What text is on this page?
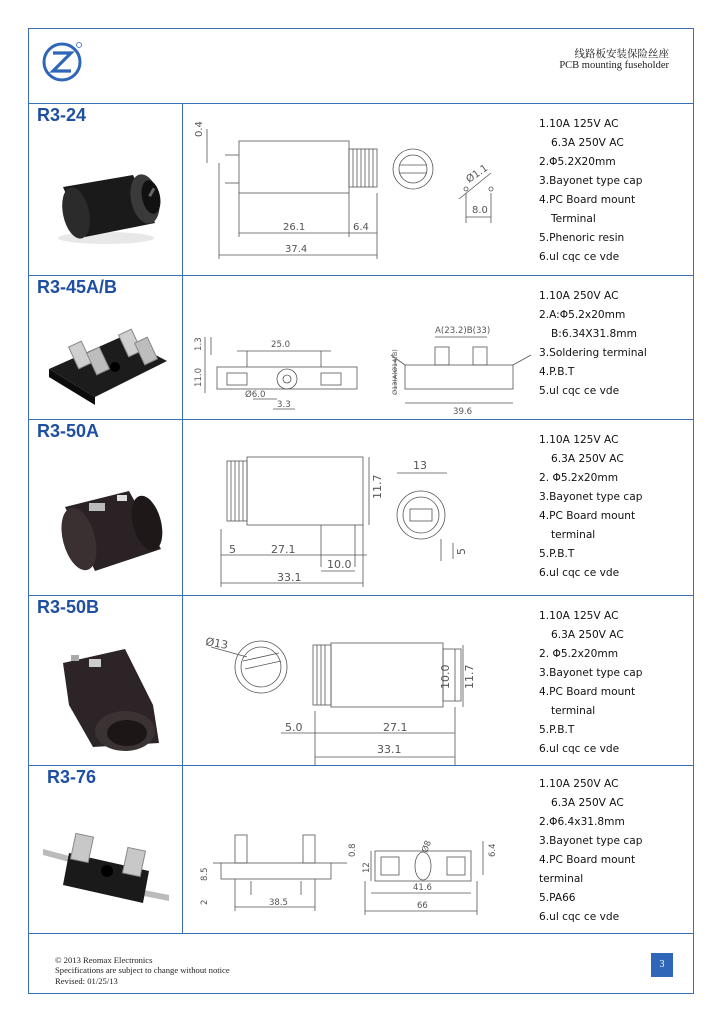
线路板安装保险丝座
PCB mounting fuseholder
R3-24
0.4
26.1	6.4
37.4
Ø1.1
8.0
1.10A 125V AC
6.3A 250V AC
2.Φ5.2X20mm
3.Bayonet type cap
4.PC Board mount
Terminal
5.Phenoric resin
6.ul cqc ce vde
R3-45A/B
1.3	25.0
11.0
Ø6.0
3.3
A(23.2)B(33)
Ø13(A)Ø14(B)
39.6
1.10A 250V AC
2.A:Φ5.2x20mm
B:6.34X31.8mm
3.Soldering terminal
4.P.B.T
5.ul cqc ce vde
R3-50A
13
11.7
5	27.1
10.0
33.1
5
1.10A 125V AC
6.3A 250V AC
2. Φ5.2x20mm
3.Bayonet type cap
4.PC Board mount
terminal
5.P.B.T
6.ul cqc ce vde
R3-50B
Ø13
10.0 11.7
5.0	27.1
33.1
1.10A 125V AC
6.3A 250V AC
2. Φ5.2x20mm
3.Bayonet type cap
4.PC Board mount
terminal
5.P.B.T
6.ul cqc ce vde
R3-76
0.8
8.5
2	38.5
12
Ø8
41.6
66
6.4
1.10A 250V AC
6.3A 250V AC
2.Φ6.4x31.8mm
3.Bayonet type cap
4.PC Board mount
terminal
5.PA66
6.ul cqc ce vde
© 2013 Reomax Electronics
Specifications are subject to change without notice
Revised: 01/25/13
3
